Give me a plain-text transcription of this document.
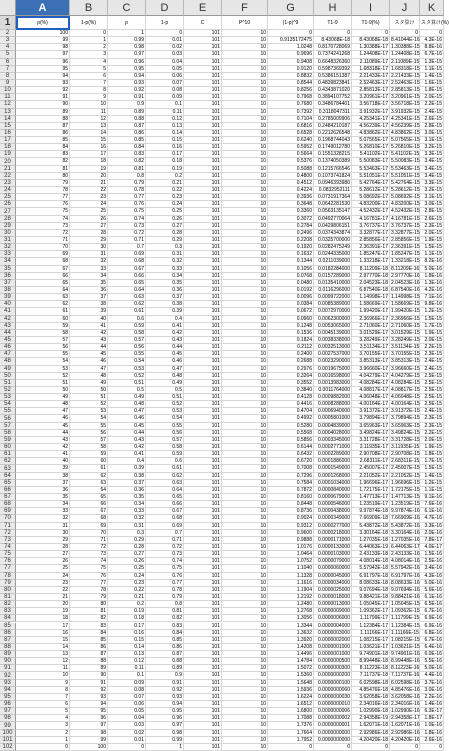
A	B	C	D	E	F	G	H	I	J	K
1
2
3
4
5
6
7
8
9
10
11
12
13
14
15
16
17
18
19
20
21
22
23
24
25
26
27
28
29
30
31
32
33
34
35
36
37
38
39
40
41
42
43
44
45
46
47
48
49
50
51
52
53
54
55
56
57
58
59
60
61
62
63
64
65
66
67
68
69
70
71
72
73
74
75
76
77
78
79
80
81
82
83
84
85
86
87
88
89
90
91
92
93
94
95
96
97
98
99
100
101
102
p(%)	1-p(%)	p	1-p	C	P^10	(1-p)^9	T1-9	T1-9(%)	スタ算け	スタ算け(%)
100	0	1	0	101	10	0	0	0	0	0
99	1	0.99	0.01	101	10	0.9135172475	8.43068E-18	8.43068E-18 8.41044E-16 4.3E-16
98	2	0.98	0.02	101	10	1.0248	0.8170728069	1.30388E-17 1.30388E-15 8.8E-16
97	3	0.97	0.03	101	10	0.9696	0.7374241268	1.24408E-17 1.24408E-15 6.7E-16
96	4	0.96	0.04	101	10	0.9408	0.6648326360	2.11089E-17 2.11089E-15	1.3E-15
95	5	0.95	0.05	101	10	0.9120	0.5987369392	1.68318E-17 1.68318E-15 1.1E-15
94	6	0.94	0.06	101	10	0.8832	0.5386151387	2.21433E-17 2.21433E-15 1.4E-15
93	7	0.93	0.07	101	10	0.8544	0.4839823841	2.52463E-17 2.52463E-15 1.6E-15
92	8	0.92	0.08	101	10	0.8256	0.4343871020	2.85813E-17 2.85813E-15 1.8E-15
91	9	0.91	0.09	101	10	0.7968	0.3894107752	3.20961E-17 3.20961E-15 2.0E-15
90	10	0.9	0.1	101	10	0.7680	0.3486784401	3.56718E-17 3.56718E-15 2.2E-15
89	11	0.89	0.11	101	10	0.7392	0.3118047311	3.91932E-17 3.91932E-15 2.4E-15
88	12	0.88	0.12	101	10	0.7104	0.2785009906	4.25341E-17 4.25341E-15 2.6E-15
87	13	0.87	0.13	101	10	0.6816	0.2484210187	4.56239E-17 4.56239E-15 2.8E-15
86	14	0.86	0.14	101	10	0.6528	0.2212626548	4.83862E-17 4.83862E-15 3.0E-15
85	15	0.85	0.15	101	10	0.6240	0.1968744043	5.07565E-17 5.07565E-15 3.1E-15
84	16	0.84	0.16	101	10	0.5952	0.1749012780	5.26810E-17 5.26810E-15 3.2E-15
83	17	0.83	0.17	101	10	0.5664	0.1551328215	5.41102E-17 5.41102E-15	3.3E-15
82	18	0.82	0.18	101	10	0.5376	0.1374050389	5.50083E-17 5.50083E-15 3.4E-15
81	19	0.81	0.19	101	10	0.5088	0.1215766546	5.53463E-17 5.53463E-15 3.4E-15
80	20	0.8	0.2	101	10	0.4800	0.1073741824	5.51051E-17 5.51051E-15 3.4E-15
79	21	0.79	0.21	101	10	0.4512	0.0946393980	5.42764E-17 5.42764E-15 3.3E-15
78	22	0.78	0.22	101	10	0.4224	0.0832952111	5.28612E-17 5.28612E-15 3.2E-15
77	23	0.77	0.23	101	10	0.3936	0.0731917364	5.08692E-17 5.08692E-15 3.1E-15
76	24	0.76	0.24	101	10	0.3648	0.0642281530	4.83200E-17 4.83200E-15 3.0E-15
75	25	0.75	0.25	101	10	0.3360	0.0563135147	4.52432E-17 4.52432E-15 2.8E-15
74	26	0.74	0.26	101	10	0.3072	0.0492770064	4.16781E-17 4.16781E-15 2.6E-15
73	27	0.73	0.27	101	10	0.2784	0.0429806151	3.76737E-17 3.76737E-15 2.3E-15
72	28	0.72	0.28	101	10	0.2496	0.0374343874	3.32877E-17 3.32877E-15 2.0E-15
71	29	0.71	0.29	101	10	0.2208	0.0325700000	2.85856E-17 2.85856E-15 1.8E-15
70	30	0.7	0.3	101	10	0.1920	0.0282475249	2.36391E-17 2.36391E-15 1.5E-15
69	31	0.69	0.31	101	10	0.1632	0.0244335000	1.85247E-17 1.85247E-15 1.1E-15
68	32	0.68	0.32	101	10	0.1344	0.0211039000	1.33218E-17 1.33218E-15 8.2E-16
67	33	0.67	0.33	101	10	0.1056	0.0182284000	8.11209E-18 8.11209E-16	5.0E-16
66	34	0.66	0.34	101	10	0.0768	0.0157289000	2.97770E-18 2.97770E-16 1.8E-16
65	35	0.65	0.35	101	10	0.0480	0.0135410000	2.04523E-18 2.04523E-16 1.3E-16
64	36	0.64	0.36	101	10	0.0192	0.0116296000	6.87540E-18 6.87540E-16 4.2E-16
63	37	0.63	0.37	101	10	0.0096	0.0099722000	1.14998E-17 1.14998E-15 7.1E-16
62	38	0.62	0.38	101	10	0.0384	0.0085389000	1.58669E-17 1.58669E-15 9.8E-16
61	39	0.61	0.39	101	10	0.0672	0.0072970000	1.99420E-17 1.99420E-15 1.2E-15
60	40	0.6	0.4	101	10	0.0960	0.0062300000	2.36966E-17 2.36966E-15 1.5E-15
59	41	0.59	0.41	101	10	0.1248	0.0053065000	2.71060E-17 2.71060E-15 1.7E-15
58	42	0.58	0.42	101	10	0.1536	0.0045139000	3.01529E-17 3.01529E-15 1.9E-15
57	43	0.57	0.43	101	10	0.1824	0.0038338000	3.28249E-17 3.28249E-15 2.0E-15
56	44	0.56	0.44	101	10	0.2112	0.0032513000	3.51134E-17 3.51134E-15	2.2E-15
55	45	0.55	0.45	101	10	0.2400	0.0027537000	3.70155E-17 3.70155E-15 2.3E-15
54	46	0.54	0.46	101	10	0.2688	0.0023290000	3.85313E-17 3.85313E-15 2.4E-15
53	47	0.53	0.47	101	10	0.2976	0.0019675000	3.96660E-17 3.96660E-15 2.4E-15
52	48	0.52	0.48	101	10	0.3264	0.0016598000	4.04279E-17 4.04279E-15 2.5E-15
51	49	0.51	0.49	101	10	0.3552	0.0013983000	4.08284E-17 4.08284E-15 2.5E-15
50	50	0.5	0.5	101	10	0.3840	0.0011764000	4.08817E-17 4.08817E-15 2.5E-15
49	51	0.49	0.51	101	10	0.4128	0.0009882000	4.06048E-17 4.06048E-15 2.5E-15
48	52	0.48	0.52	101	10	0.4416	0.0008288000	4.00164E-17 4.00164E-15 2.5E-15
47	53	0.47	0.53	101	10	0.4704	0.0006940000	3.91372E-17 3.91372E-15 2.4E-15
46	54	0.46	0.54	101	10	0.4992	0.0005801000	3.79894E-17 3.79894E-15 2.3E-15
45	55	0.45	0.55	101	10	0.5280	0.0004839000	3.65963E-17 3.65963E-15 2.3E-15
44	56	0.44	0.56	101	10	0.5568	0.0004028000	3.49824E-17 3.49824E-15 2.2E-15
43	57	0.43	0.57	101	10	0.5856	0.0003345000	3.31728E-17 3.31728E-15 2.0E-15
42	58	0.42	0.58	101	10	0.6144	0.0002771000	3.11935E-17 3.11935E-15	1.9E-15
41	59	0.41	0.59	101	10	0.6432	0.0002289000	2.90708E-17 2.90708E-15 1.8E-15
40	60	0.4	0.6	101	10	0.6720	0.0001886000	2.68311E-17 2.68311E-15	1.7E-15
39	61	0.39	0.61	101	10	0.7008	0.0001549000	2.45007E-17 2.45007E-15 1.5E-15
38	62	0.38	0.62	101	10	0.7296	0.0001268000	2.21052E-17 2.21052E-15 1.4E-15
37	63	0.37	0.63	101	10	0.7584	0.0001034000	1.96696E-17 1.96696E-15 1.2E-15
36	64	0.36	0.64	101	10	0.7872	0.0000840000	1.72175E-17 1.72175E-15 1.1E-15
35	65	0.35	0.65	101	10	0.8160	0.0000679000	1.47713E-17 1.47713E-15 9.1E-16
34	66	0.34	0.66	101	10	0.8448	0.0000546000	1.23519E-17 1.23519E-15 7.6E-16
33	67	0.33	0.67	101	10	0.8736	0.0000438000	9.97874E-18 9.97874E-16 6.1E-16
32	68	0.32	0.68	101	10	0.9024	0.0000349000	7.66909E-18 7.66909E-16 4.7E-16
31	69	0.31	0.69	101	10	0.9312	0.0000277000	5.43872E-18 5.43872E-16 3.3E-16
30	70	0.3	0.7	101	10	0.9600	0.0000218000	3.30164E-18 3.30164E-16 2.0E-16
29	71	0.29	0.71	101	10	0.9888	0.0000171000	1.27035E-18 1.27035E-16 7.8E-17
28	72	0.28	0.72	101	10	1.0176	0.0000133000	6.44063E-19 6.44063E-17 4.0E-17
27	73	0.27	0.73	101	10	1.0464	0.0000103000	2.43133E-18 2.43133E-16 1.5E-16
26	74	0.26	0.74	101	10	1.0752	0.0000079000	4.08014E-18 4.08014E-16 2.5E-16
25	75	0.25	0.75	101	10	1.1040	0.0000060000	5.57942E-18 5.57942E-16 3.4E-16
24	76	0.24	0.76	101	10	1.1328	0.0000045000	6.91797E-18 6.91797E-16 4.3E-16
23	77	0.23	0.77	101	10	1.1616	0.0000034000	8.08633E-18 8.08633E-16 5.0E-16
22	78	0.22	0.78	101	10	1.1904	0.0000025000	9.07694E-18 9.07694E-16 5.6E-16
21	79	0.21	0.79	101	10	1.2192	0.0000018000	9.88421E-18 9.88421E-16 6.1E-16
20	80	0.2	0.8	101	10	1.2480	0.0000013000	1.05045E-17 1.05045E-15 6.5E-16
19	81	0.19	0.81	101	10	1.2768	0.0000009000	1.09362E-17 1.09362E-15 6.7E-16
18	82	0.18	0.82	101	10	1.3056	0.0000006000	1.11799E-17 1.11799E-15	6.9E-16
17	83	0.17	0.83	101	10	1.3344	0.0000004000	1.12384E-17 1.12384E-15 6.9E-16
16	84	0.16	0.84	101	10	1.3632	0.0000003000	1.11166E-17 1.11166E-15	6.8E-16
15	85	0.15	0.85	101	10	1.3920	0.0000002000	1.08215E-17 1.08215E-15 6.7E-16
14	86	0.14	0.86	101	10	1.4208	0.0000001000	1.03621E-17 1.03621E-15 6.4E-16
13	87	0.13	0.87	101	10	1.4496	0.0000001000	9.74901E-18 9.74901E-16 6.0E-16
12	88	0.12	0.88	101	10	1.4784	0.0000000500	8.99448E-18 8.99448E-16 5.5E-16
11	89	0.11	0.89	101	10	1.5072	0.0000000300	8.11223E-18 8.11223E-16	5.0E-16
10	90	0.1	0.9	101	10	1.5360	0.0000000200	7.11737E-18 7.11737E-16	4.4E-16
9	91	0.09	0.91	101	10	1.5648	0.0000000100	6.02598E-18 6.02598E-16 3.7E-16
8	92	0.08	0.92	101	10	1.5936	0.0000000060	4.85476E-18 4.85476E-16 3.0E-16
7	93	0.07	0.93	101	10	1.6224	0.0000000030	3.62058E-18 3.62058E-16 2.2E-16
6	94	0.06	0.94	101	10	1.6512	0.0000000010	2.34016E-18 2.34016E-16 1.4E-16
5	95	0.05	0.95	101	10	1.6800	0.0000000006	1.02990E-18 1.02990E-16 6.3E-17
4	96	0.04	0.96	101	10	1.7088	0.0000000002	2.94358E-19 2.94358E-17 1.8E-17
3	97	0.03	0.97	101	10	1.7376	0.0000000001	1.62071E-18 1.62071E-16 1.0E-16
2	98	0.02	0.98	101	10	1.7664	0.0000000000	2.92986E-18 2.92986E-16 1.8E-16
1	99	0.01	0.99	101	10	1.7952	0.0000000000	4.20420E-18 4.20420E-16 2.6E-16
0	100	0	1	101	10	0	0	0	0	0
